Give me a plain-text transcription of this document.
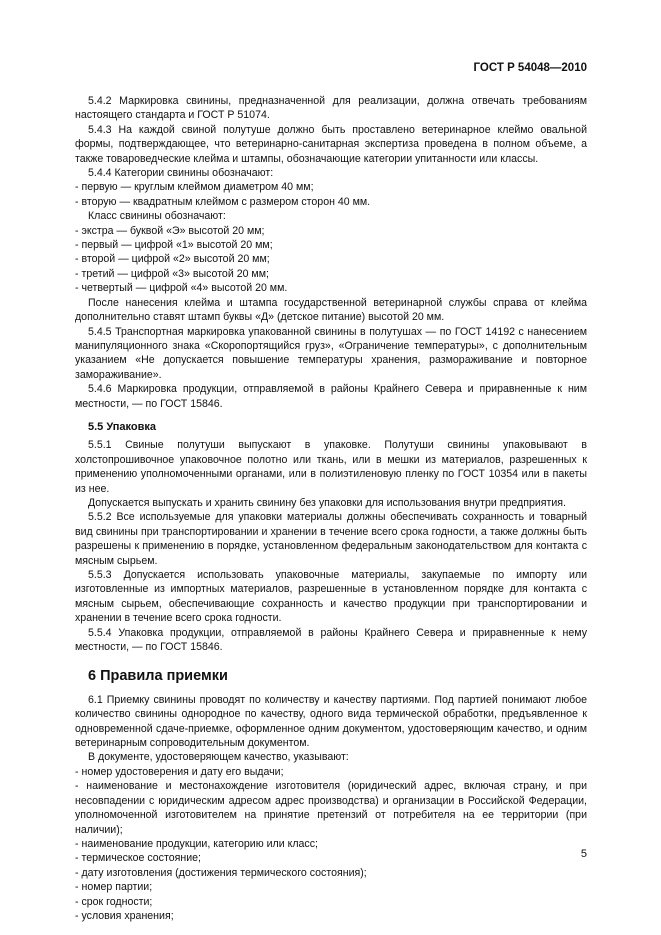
ГОСТ Р 54048—2010

5.4.2 Маркировка свинины, предназначенной для реализации, должна отвечать требованиям настоящего стандарта и ГОСТ Р 51074.

5.4.3 На каждой свиной полутуше должно быть проставлено ветеринарное клеймо овальной формы, подтверждающее, что ветеринарно-санитарная экспертиза проведена в полном объеме, а также товароведческие клейма и штампы, обозначающие категории упитанности или классы.

5.4.4 Категории свинины обозначают:

- первую — круглым клеймом диаметром 40 мм;

- вторую — квадратным клеймом с размером сторон 40 мм.

Класс свинины обозначают:

- экстра — буквой «Э» высотой 20 мм;

- первый — цифрой «1» высотой 20 мм;

- второй — цифрой «2» высотой 20 мм;

- третий — цифрой «3» высотой 20 мм;

- четвертый — цифрой «4» высотой 20 мм.

После нанесения клейма и штампа государственной ветеринарной службы справа от клейма дополнительно ставят штамп буквы «Д» (детское питание) высотой 20 мм.

5.4.5 Транспортная маркировка упакованной свинины в полутушах — по ГОСТ 14192 с нанесением манипуляционного знака «Скоропортящийся груз», «Ограничение температуры», с дополнительным указанием «Не допускается повышение температуры хранения, размораживание и повторное замораживание».

5.4.6 Маркировка продукции, отправляемой в районы Крайнего Севера и приравненные к ним местности, — по ГОСТ 15846.

5.5 Упаковка

5.5.1 Свиные полутуши выпускают в упаковке. Полутуши свинины упаковывают в холстопрошивочное упаковочное полотно или ткань, или в мешки из материалов, разрешенных к применению уполномоченными органами, или в полиэтиленовую пленку по ГОСТ 10354 или в пакеты из нее.

Допускается выпускать и хранить свинину без упаковки для использования внутри предприятия.

5.5.2 Все используемые для упаковки материалы должны обеспечивать сохранность и товарный вид свинины при транспортировании и хранении в течение всего срока годности, а также должны быть разрешены к применению в порядке, установленном федеральным законодательством для контакта с мясным сырьем.

5.5.3 Допускается использовать упаковочные материалы, закупаемые по импорту или изготовленные из импортных материалов, разрешенные в установленном порядке для контакта с мясным сырьем, обеспечивающие сохранность и качество продукции при транспортировании и хранении в течение всего срока годности.

5.5.4 Упаковка продукции, отправляемой в районы Крайнего Севера и приравненные к нему местности, — по ГОСТ 15846.

6 Правила приемки

6.1 Приемку свинины проводят по количеству и качеству партиями. Под партией понимают любое количество свинины однородное по качеству, одного вида термической обработки, предъявленное к одновременной сдаче-приемке, оформленное одним документом, удостоверяющим качество, и одним ветеринарным сопроводительным документом.

В документе, удостоверяющем качество, указывают:

- номер удостоверения и дату его выдачи;

- наименование и местонахождение изготовителя (юридический адрес, включая страну, и при несовпадении с юридическим адресом адрес производства) и организации в Российской Федерации, уполномоченной изготовителем на принятие претензий от потребителя на ее территории (при наличии);

- наименование продукции, категорию или класс;

- термическое состояние;

- дату изготовления (достижения термического состояния);

- номер партии;

- срок годности;

- условия хранения;

5
